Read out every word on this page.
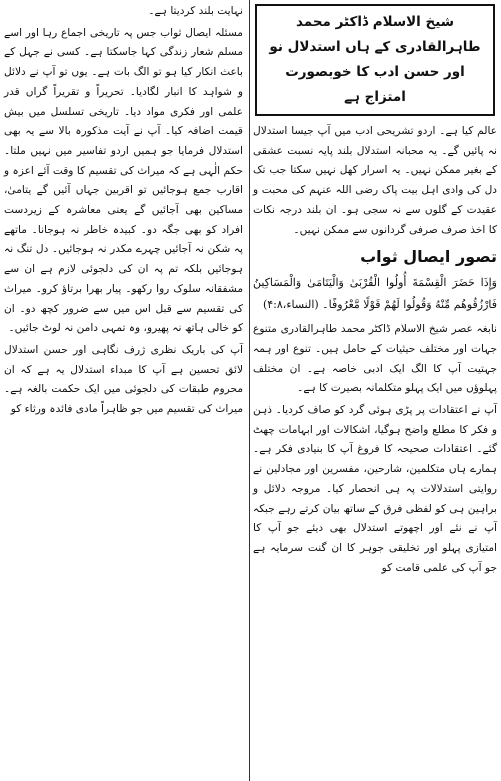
شیخ الاسلام ڈاکٹر محمد طاہرالقادری کے ہاں استدلال نو اور حسن ادب کا خوبصورت امتزاج ہے

عالم کیا ہے۔ اردو تشریحی ادب میں آپ جیسا استدلال نہ پائیں گے۔ یہ محبانہ استدلال بلند پایہ نسبت عشقی کے بغیر ممکن نہیں۔ یہ اسرار کھل نہیں سکتا جب تک دل کی وادی اہل بیت پاک رضی اللہ عنہم کی محبت و عقیدت کے گلوں سے نہ سجی ہو۔ ان بلند درجہ نکات کا اخذ صرف صرفی گردانوں سے ممکن نہیں۔

تصور ایصال ثواب

وَإِذَا حَضَرَ الْقِسْمَةَ أُولُوا الْقُرْبَىٰ وَالْيَتَامَىٰ وَالْمَسَاكِينُ فَارْزُقُوهُم مِّنْهُ وَقُولُوا لَهُمْ قَوْلًا مَّعْرُوفًا۔ (النساء،۴:۸)

نابغہ عصر شیخ الاسلام ڈاکٹر محمد طاہرالقادری متنوع جہات اور مختلف حیثیات کے حامل ہیں۔ تنوع اور ہمہ جہتیت آپ کا الگ ایک ادبی خاصہ ہے۔ ان مختلف پہلوؤں میں ایک پہلو متکلمانہ بصیرت کا ہے۔

آپ نے اعتقادات پر پڑی ہوئی گرد کو صاف کردیا۔ ذہن و فکر کا مطلع واضح ہوگیا، اشکالات اور ابہامات چھٹ گئے۔ اعتقادات صحیحہ کا فروغ آپ کا بنیادی فکر ہے۔ ہمارے ہاں متکلمین، شارحین، مفسرین اور مجادلین نے روایتی استدلالات پہ ہی انحصار کیا۔ مروجہ دلائل و براہین ہی کو لفظی فرق کے ساتھ بیان کرتے رہے جبکہ آپ نے نئے اور اچھوتے استدلال بھی دیئے جو آپ کا امتیازی پہلو اور تخلیقی جوہر کا ان گنت سرمایہ ہے جو آپ کی علمی قامت کو

نہایت بلند کردیتا ہے۔

مسئلہ ایصال ثواب جس پہ تاریخی اجماع رہا اور اسے مسلم شعار زندگی کہا جاسکتا ہے۔ کسی نے جہل کے باعث انکار کیا ہو تو الگ بات ہے۔ یوں تو آپ نے دلائل و شواہد کا انبار لگادیا۔ تحریراً و تقریراً گراں قدر علمی اور فکری مواد دیا۔ تاریخی تسلسل میں بیش قیمت اضافہ کیا۔ آپ نے آیت مذکورہ بالا سے یہ بھی استدلال فرمایا جو ہمیں اردو تفاسیر میں نہیں ملتا۔ حکم الٰہی ہے کہ میراث کی تقسیم کا وقت آئے اعزہ و اقارب جمع ہوجائیں تو اقربین جہاں آئیں گے یتامیٰ، مساکین بھی آجائیں گے یعنی معاشرہ کے زیردست افراد کو بھی جگہ دو۔ کبیدہ خاطر نہ ہوجانا۔ ماتھے پہ شکن نہ آجائیں چہرے مکدر نہ ہوجائیں۔ دل تنگ نہ ہوجائیں بلکہ تم پہ ان کی دلجوئی لازم ہے ان سے مشفقانہ سلوک روا رکھو۔ پیار بھرا برتاؤ کرو۔ میراث کی تقسیم سے قبل اس میں سے ضرور کچھ دو۔ ان کو خالی ہاتھ نہ پھیرو، وہ تمہی دامن نہ لوٹ جائیں۔

آپ کی باریک نظری ژرف نگاہی اور حسن استدلال لائق تحسین ہے آپ کا مبداء استدلال یہ ہے کہ ان محروم طبقات کی دلجوئی میں ایک حکمت بالغہ ہے۔ میراث کی تقسیم میں جو ظاہراً مادی فائدہ ورثاء کو
